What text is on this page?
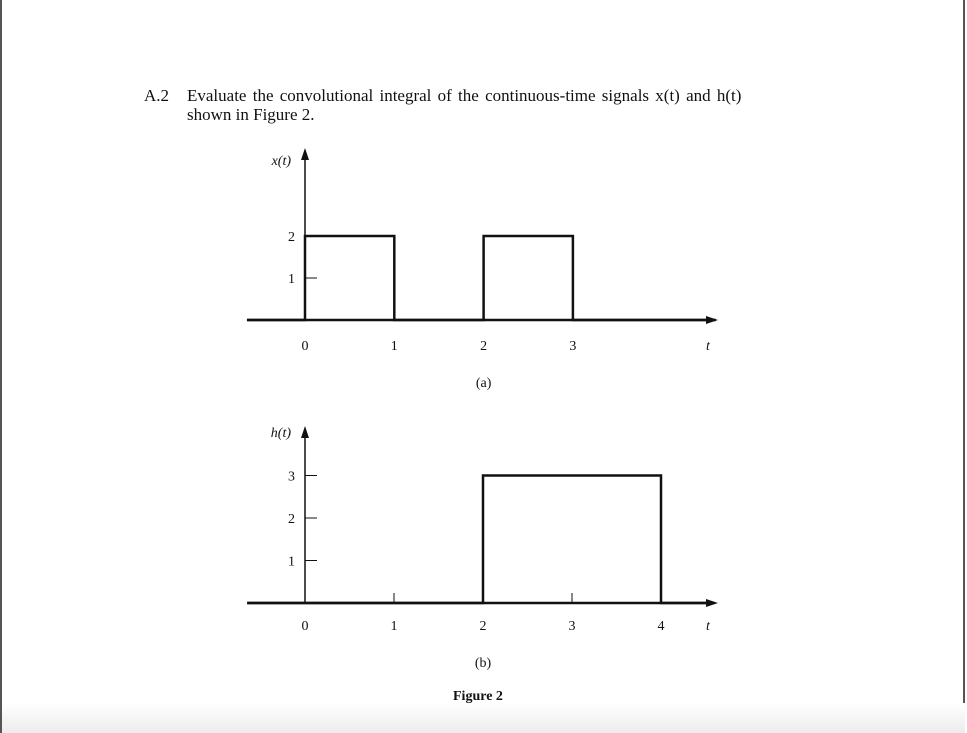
A.2 Evaluate the convolutional integral of the continuous-time signals x(t) and h(t)
shown in Figure 2.
1
2
0	1	2	3	t
x(t)
(a)
1
2
3
0	1	2	3	4	t
h(t)
(b)
Figure 2
